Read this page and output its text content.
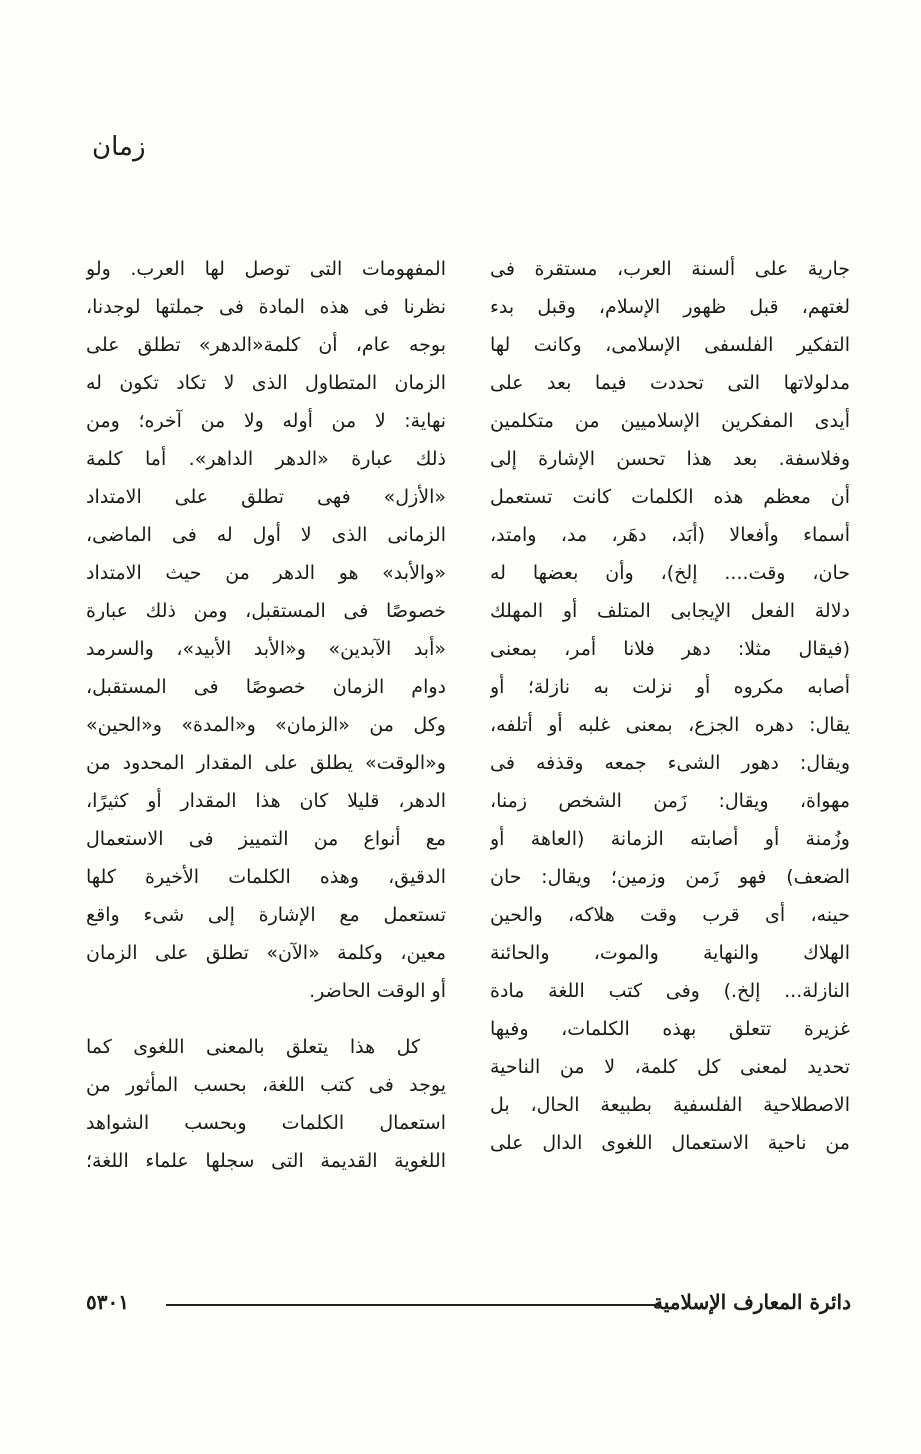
زمان
جارية على ألسنة العرب، مستقرة فى
لغتهم، قبل ظهور الإسلام، وقبل بدء
التفكير الفلسفى الإسلامى، وكانت لها
مدلولاتها التى تحددت فيما بعد على
أيدى المفكرين الإسلاميين من متكلمين
وفلاسفة. بعد هذا تحسن الإشارة إلى
أن معظم هذه الكلمات كانت تستعمل
أسماء وأفعالا (أبَد، دهَر، مد، وامتد،
حان، وقت.... إلخ)، وأن بعضها له
دلالة الفعل الإيجابى المتلف أو المهلك
(فيقال مثلا: دهر فلانا أمر، بمعنى
أصابه مكروه أو نزلت به نازلة؛ أو
يقال: دهره الجزع، بمعنى غلبه أو أتلفه،
ويقال: دهور الشىء جمعه وقذفه فى
مهواة، ويقال: زَمن الشخص زمنا،
وزُمنة أو أصابته الزمانة (العاهة أو
الضعف) فهو زَمن وزمين؛ ويقال: حان
حينه، أى قرب وقت هلاكه، والحين
الهلاك والنهاية والموت، والحائنة
النازلة... إلخ.) وفى كتب اللغة مادة
غزيرة تتعلق بهذه الكلمات، وفيها
تحديد لمعنى كل كلمة، لا من الناحية
الاصطلاحية الفلسفية بطبيعة الحال، بل
من ناحية الاستعمال اللغوى الدال على
المفهومات التى توصل لها العرب. ولو
نظرنا فى هذه المادة فى جملتها لوجدنا،
بوجه عام، أن كلمة«الدهر» تطلق على
الزمان المتطاول الذى لا تكاد تكون له
نهاية: لا من أوله ولا من آخره؛ ومن
ذلك عبارة «الدهر الداهر». أما كلمة
«الأزل» فهى تطلق على الامتداد
الزمانى الذى لا أول له فى الماضى،
«والأبد» هو الدهر من حيث الامتداد
خصوصًا فى المستقبل، ومن ذلك عبارة
«أبد الآبدين» و«الأبد الأبيد»، والسرمد
دوام الزمان خصوصًا فى المستقبل،
وكل من «الزمان» و«المدة» و«الحين»
و«الوقت» يطلق على المقدار المحدود من
الدهر، قليلا كان هذا المقدار أو كثيرًا،
مع أنواع من التمييز فى الاستعمال
الدقيق، وهذه الكلمات الأخيرة كلها
تستعمل مع الإشارة إلى شىء واقع
معين، وكلمة «الآن» تطلق على الزمان
أو الوقت الحاضر.
كل هذا يتعلق بالمعنى اللغوى كما
يوجد فى كتب اللغة، بحسب المأثور من
استعمال الكلمات وبحسب الشواهد
اللغوية القديمة التى سجلها علماء اللغة؛
دائرة المعارف الإسلامية
٥٣٠١
